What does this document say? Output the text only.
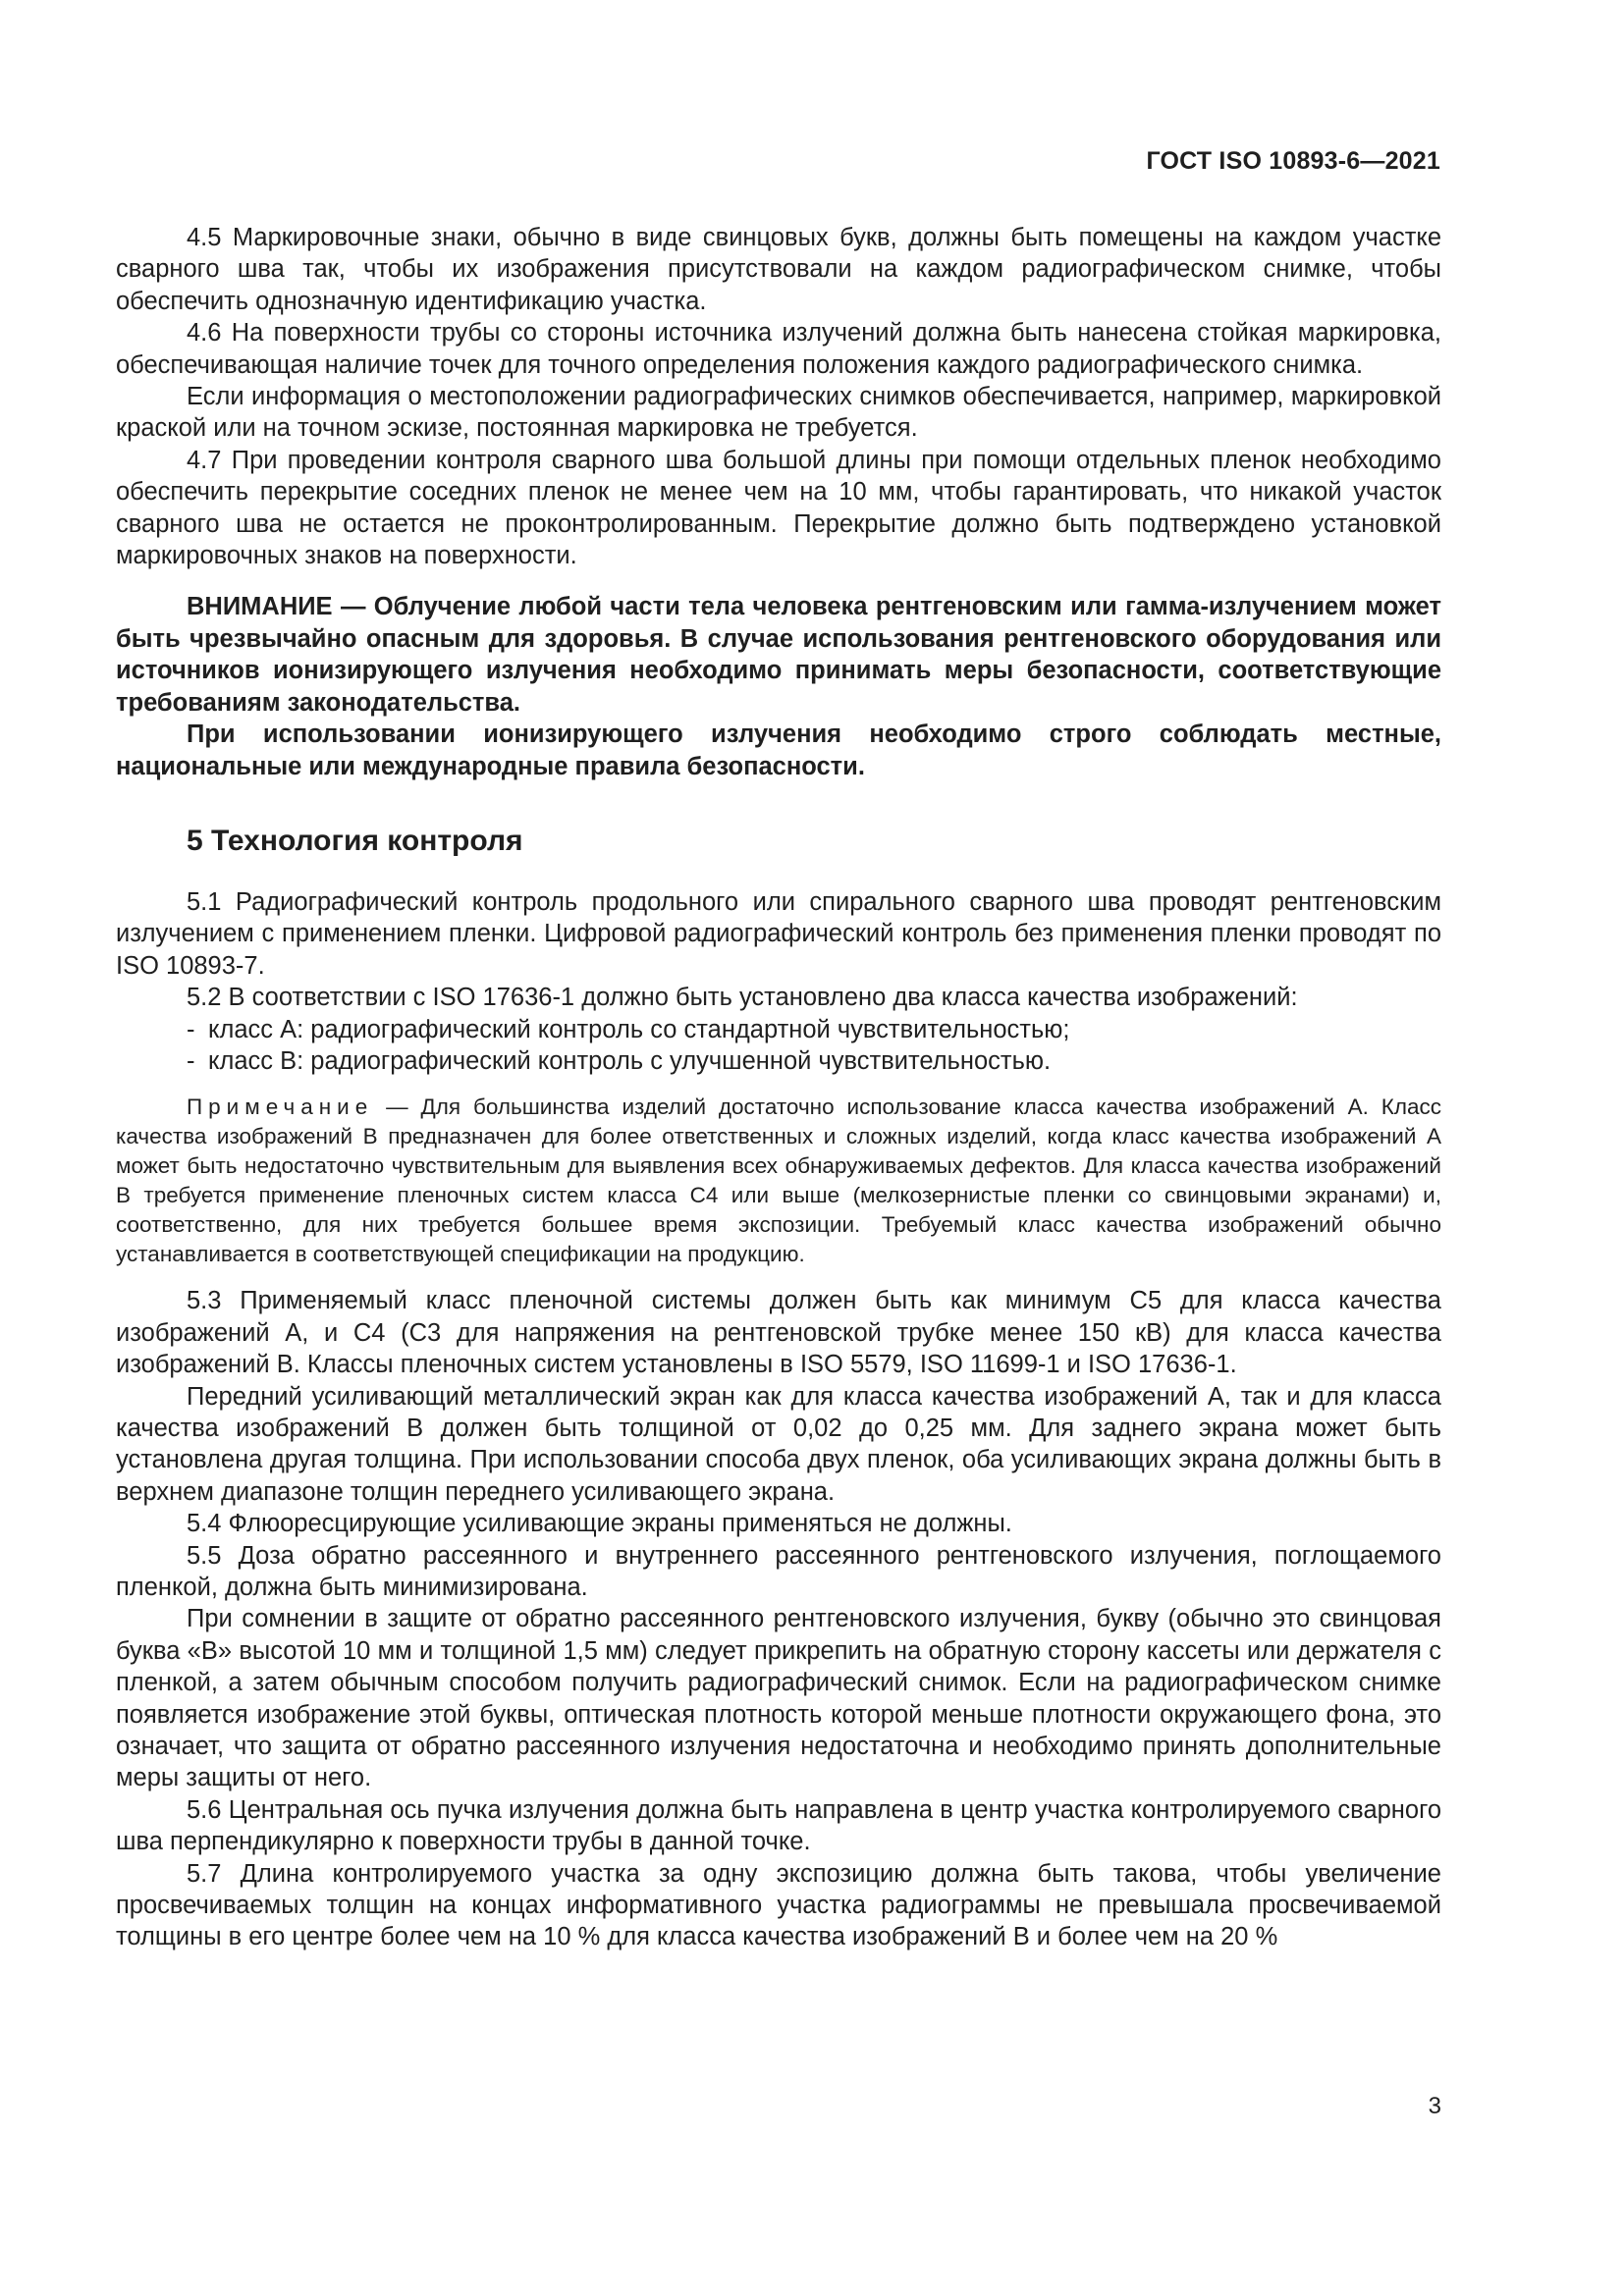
ГОСТ ISO 10893-6—2021

4.5 Маркировочные знаки, обычно в виде свинцовых букв, должны быть помещены на каждом участке сварного шва так, чтобы их изображения присутствовали на каждом радиографическом снимке, чтобы обеспечить однозначную идентификацию участка.

4.6 На поверхности трубы со стороны источника излучений должна быть нанесена стойкая маркировка, обеспечивающая наличие точек для точного определения положения каждого радиографического снимка.

Если информация о местоположении радиографических снимков обеспечивается, например, маркировкой краской или на точном эскизе, постоянная маркировка не требуется.

4.7 При проведении контроля сварного шва большой длины при помощи отдельных пленок необходимо обеспечить перекрытие соседних пленок не менее чем на 10 мм, чтобы гарантировать, что никакой участок сварного шва не остается не проконтролированным. Перекрытие должно быть подтверждено установкой маркировочных знаков на поверхности.

ВНИМАНИЕ — Облучение любой части тела человека рентгеновским или гамма-излучением может быть чрезвычайно опасным для здоровья. В случае использования рентгеновского оборудования или источников ионизирующего излучения необходимо принимать меры безопасности, соответствующие требованиям законодательства.

При использовании ионизирующего излучения необходимо строго соблюдать местные, национальные или международные правила безопасности.

5 Технология контроля

5.1 Радиографический контроль продольного или спирального сварного шва проводят рентгеновским излучением с применением пленки. Цифровой радиографический контроль без применения пленки проводят по ISO 10893-7.

5.2 В соответствии с ISO 17636-1 должно быть установлено два класса качества изображений:

- класс А: радиографический контроль со стандартной чувствительностью;
- класс В: радиографический контроль с улучшенной чувствительностью.

Примечание — Для большинства изделий достаточно использование класса качества изображений А. Класс качества изображений В предназначен для более ответственных и сложных изделий, когда класс качества изображений А может быть недостаточно чувствительным для выявления всех обнаруживаемых дефектов. Для класса качества изображений В требуется применение пленочных систем класса С4 или выше (мелкозернистые пленки со свинцовыми экранами) и, соответственно, для них требуется большее время экспозиции. Требуемый класс качества изображений обычно устанавливается в соответствующей спецификации на продукцию.

5.3 Применяемый класс пленочной системы должен быть как минимум С5 для класса качества изображений А, и С4 (С3 для напряжения на рентгеновской трубке менее 150 кВ) для класса качества изображений В. Классы пленочных систем установлены в ISO 5579, ISO 11699-1 и ISO 17636-1.

Передний усиливающий металлический экран как для класса качества изображений А, так и для класса качества изображений В должен быть толщиной от 0,02 до 0,25 мм. Для заднего экрана может быть установлена другая толщина. При использовании способа двух пленок, оба усиливающих экрана должны быть в верхнем диапазоне толщин переднего усиливающего экрана.

5.4 Флюоресцирующие усиливающие экраны применяться не должны.

5.5 Доза обратно рассеянного и внутреннего рассеянного рентгеновского излучения, поглощаемого пленкой, должна быть минимизирована.

При сомнении в защите от обратно рассеянного рентгеновского излучения, букву (обычно это свинцовая буква «В» высотой 10 мм и толщиной 1,5 мм) следует прикрепить на обратную сторону кассеты или держателя с пленкой, а затем обычным способом получить радиографический снимок. Если на радиографическом снимке появляется изображение этой буквы, оптическая плотность которой меньше плотности окружающего фона, это означает, что защита от обратно рассеянного излучения недостаточна и необходимо принять дополнительные меры защиты от него.

5.6 Центральная ось пучка излучения должна быть направлена в центр участка контролируемого сварного шва перпендикулярно к поверхности трубы в данной точке.

5.7 Длина контролируемого участка за одну экспозицию должна быть такова, чтобы увеличение просвечиваемых толщин на концах информативного участка радиограммы не превышала просвечиваемой толщины в его центре более чем на 10 % для класса качества изображений В и более чем на 20 %

3
